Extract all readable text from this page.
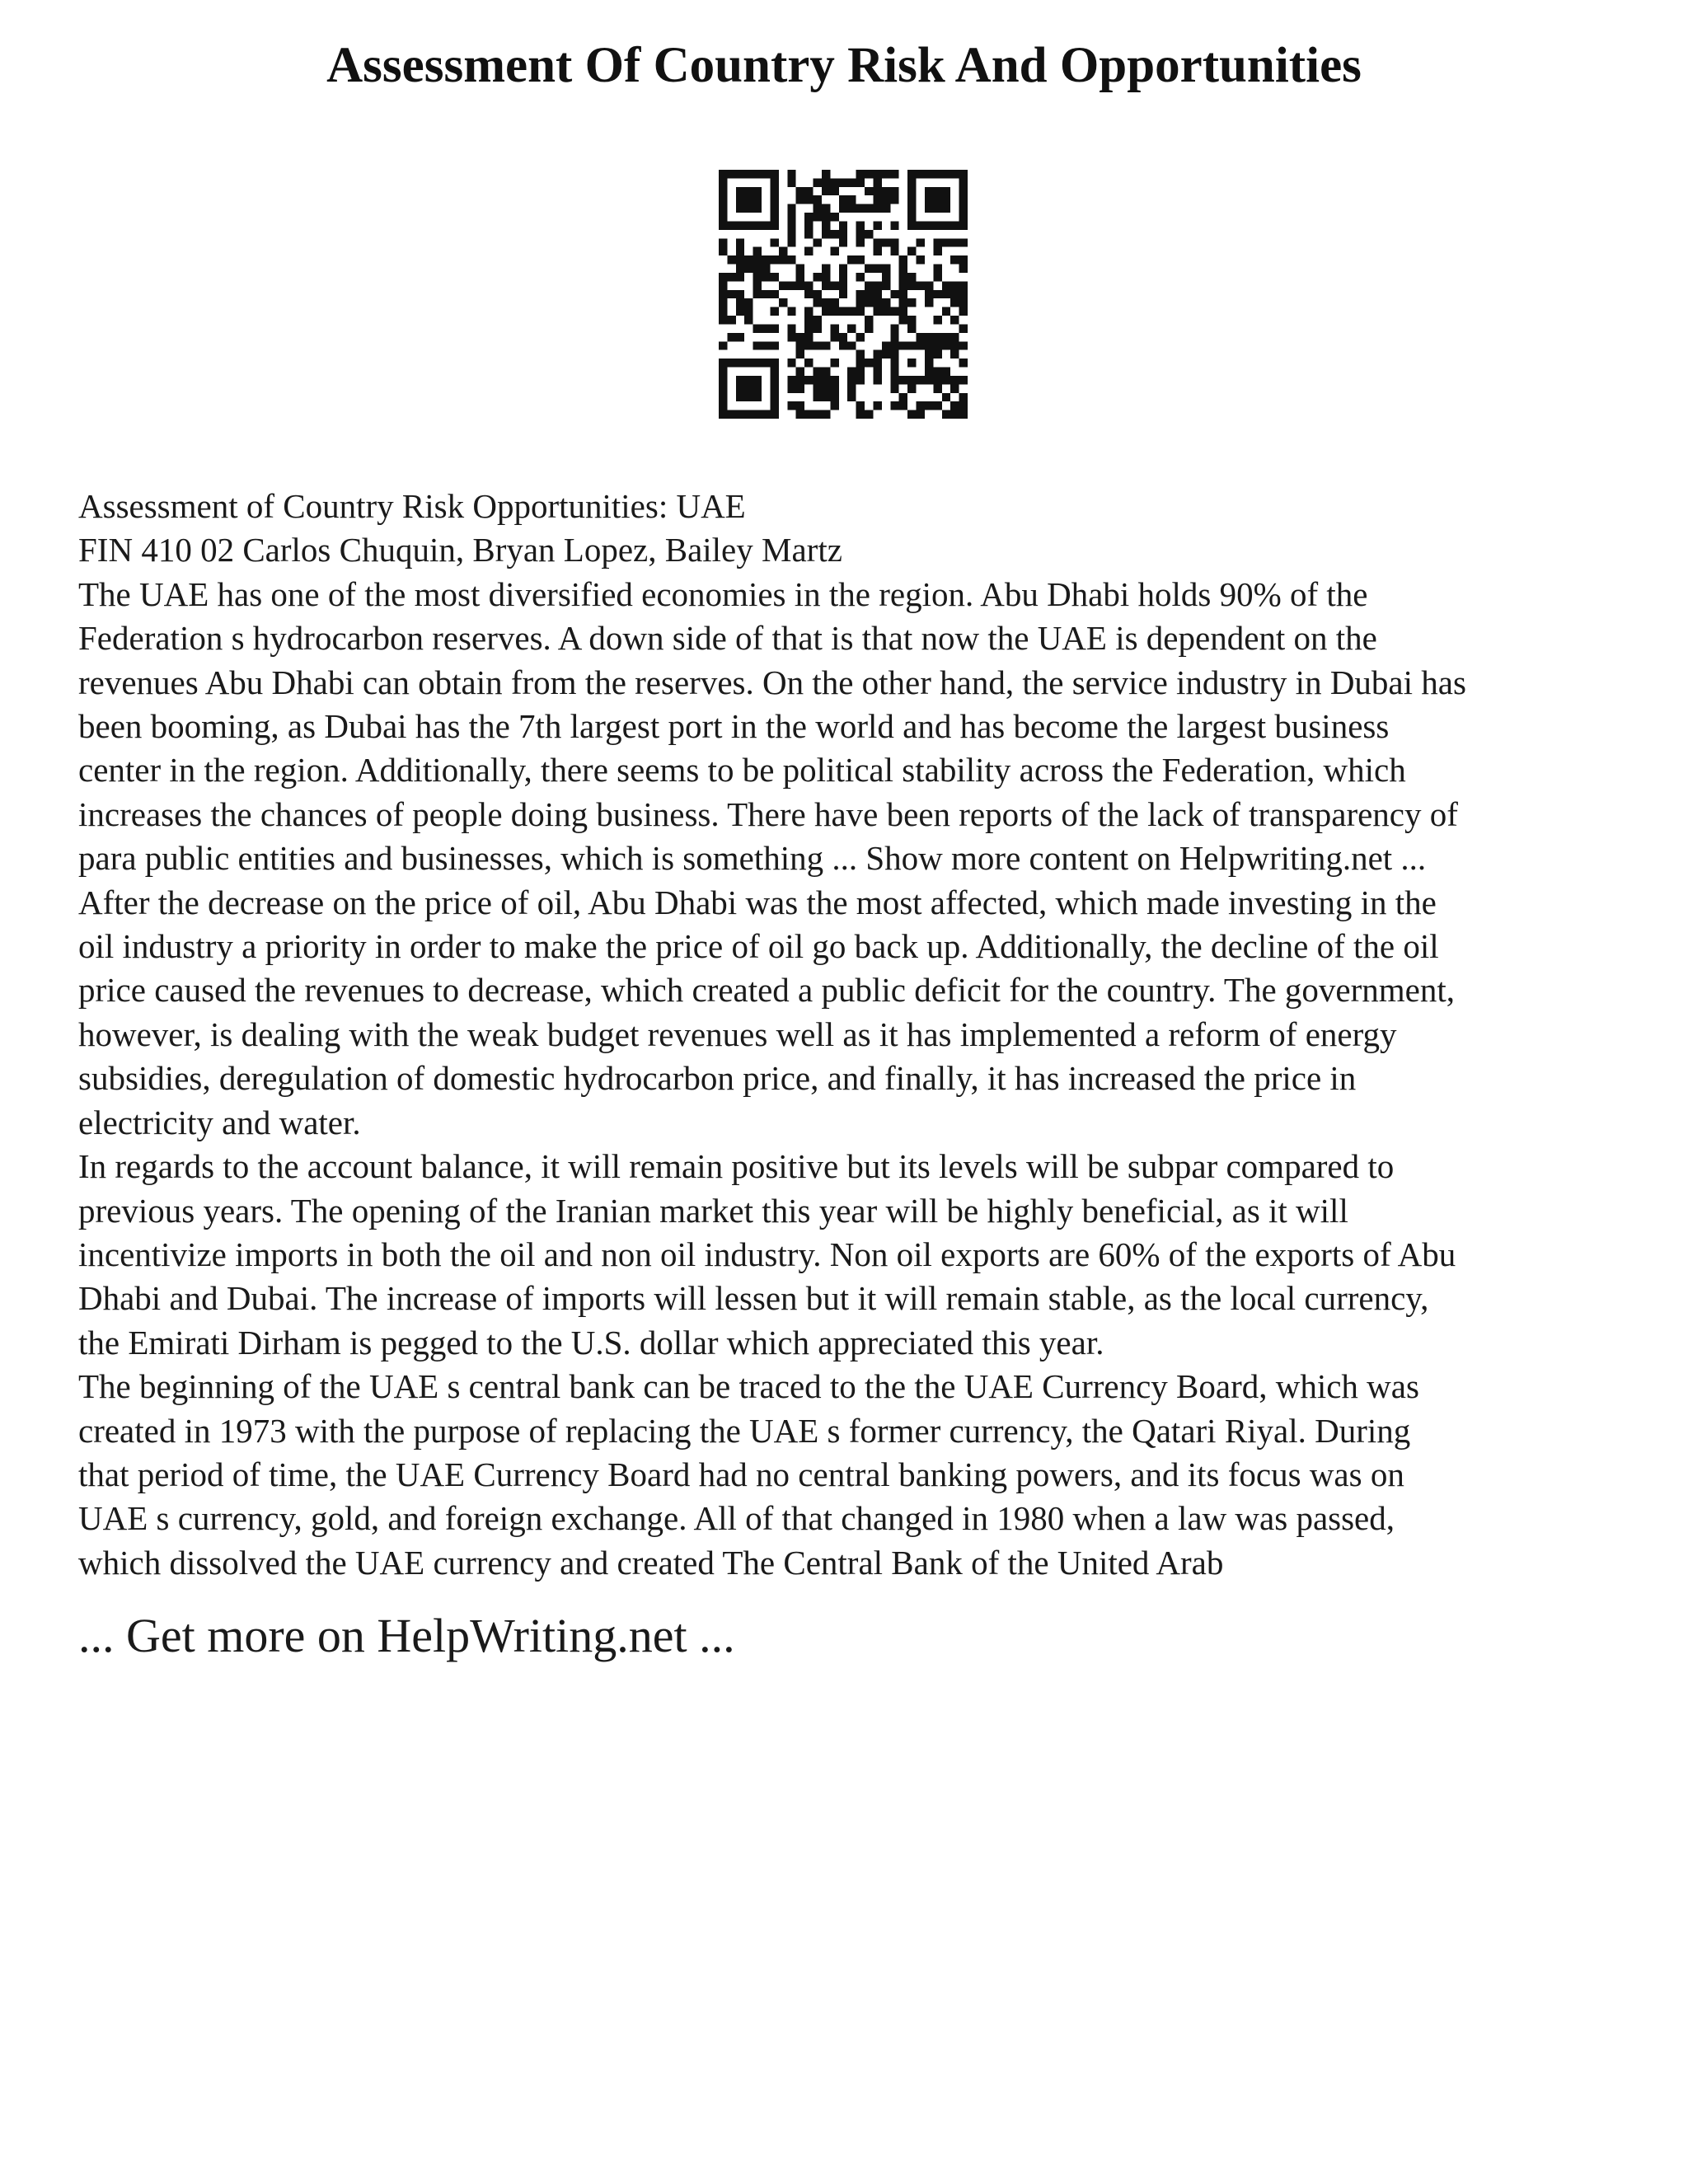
Assessment Of Country Risk And Opportunities
Assessment of Country Risk Opportunities: UAE
FIN 410 02 Carlos Chuquin, Bryan Lopez, Bailey Martz
The UAE has one of the most diversified economies in the region. Abu Dhabi holds 90% of the
Federation s hydrocarbon reserves. A down side of that is that now the UAE is dependent on the
revenues Abu Dhabi can obtain from the reserves. On the other hand, the service industry in Dubai has
been booming, as Dubai has the 7th largest port in the world and has become the largest business
center in the region. Additionally, there seems to be political stability across the Federation, which
increases the chances of people doing business. There have been reports of the lack of transparency of
para public entities and businesses, which is something ... Show more content on Helpwriting.net ...
After the decrease on the price of oil, Abu Dhabi was the most affected, which made investing in the
oil industry a priority in order to make the price of oil go back up. Additionally, the decline of the oil
price caused the revenues to decrease, which created a public deficit for the country. The government,
however, is dealing with the weak budget revenues well as it has implemented a reform of energy
subsidies, deregulation of domestic hydrocarbon price, and finally, it has increased the price in
electricity and water.
In regards to the account balance, it will remain positive but its levels will be subpar compared to
previous years. The opening of the Iranian market this year will be highly beneficial, as it will
incentivize imports in both the oil and non oil industry. Non oil exports are 60% of the exports of Abu
Dhabi and Dubai. The increase of imports will lessen but it will remain stable, as the local currency,
the Emirati Dirham is pegged to the U.S. dollar which appreciated this year.
The beginning of the UAE s central bank can be traced to the the UAE Currency Board, which was
created in 1973 with the purpose of replacing the UAE s former currency, the Qatari Riyal. During
that period of time, the UAE Currency Board had no central banking powers, and its focus was on
UAE s currency, gold, and foreign exchange. All of that changed in 1980 when a law was passed,
which dissolved the UAE currency and created The Central Bank of the United Arab
... Get more on HelpWriting.net ...
